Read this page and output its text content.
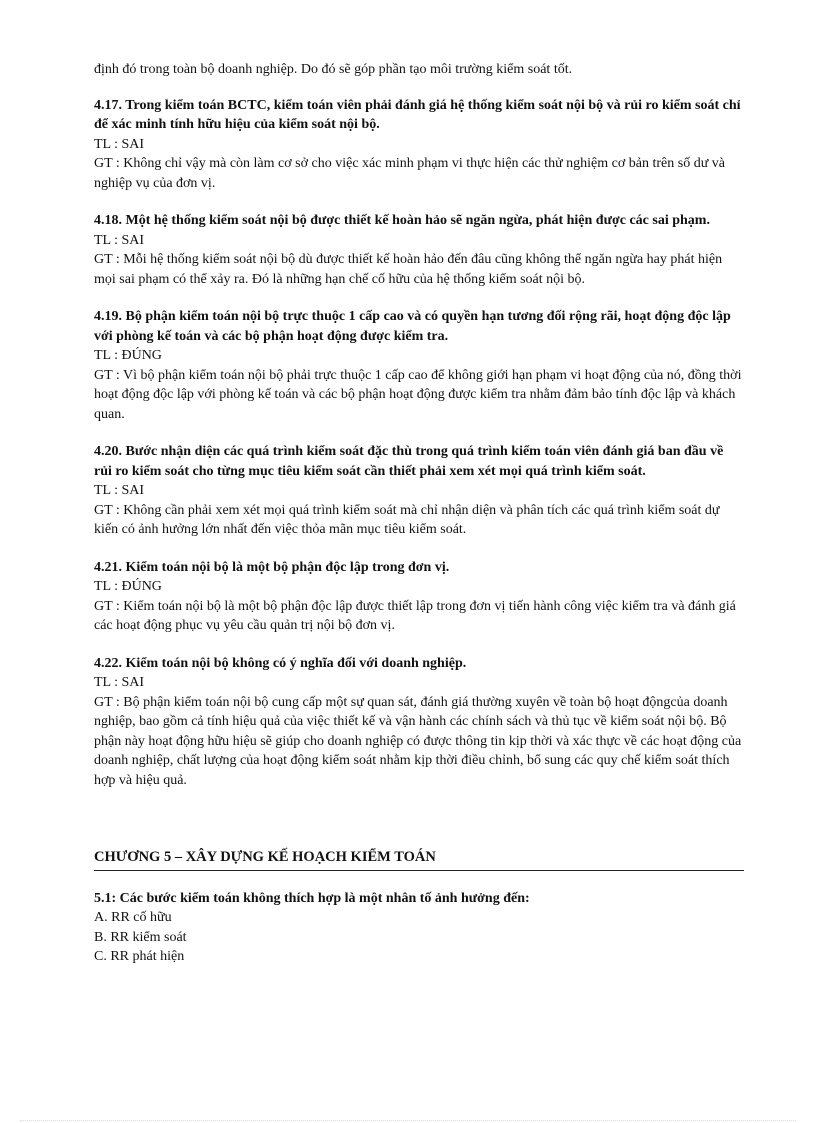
định đó trong toàn bộ doanh nghiệp. Do đó sẽ góp phần tạo môi trường kiểm soát tốt.

4.17. Trong kiểm toán BCTC, kiểm toán viên phải đánh giá hệ thống kiểm soát nội bộ và rủi ro kiểm soát chỉ để xác minh tính hữu hiệu của kiểm soát nội bộ.

TL : SAI

GT : Không chỉ vậy mà còn làm cơ sở cho việc xác minh phạm vi thực hiện các thử nghiệm cơ bản trên số dư và nghiệp vụ của đơn vị.

4.18. Một hệ thống kiểm soát nội bộ được thiết kế hoàn hảo sẽ ngăn ngừa, phát hiện được các sai phạm.

TL : SAI

GT : Mỗi hệ thống kiểm soát nội bộ dù được thiết kế hoàn hảo đến đâu cũng không thể ngăn ngừa hay phát hiện mọi sai phạm có thể xảy ra. Đó là những hạn chế cố hữu của hệ thống kiểm soát nội bộ.

4.19. Bộ phận kiểm toán nội bộ trực thuộc 1 cấp cao và có quyền hạn tương đối rộng rãi, hoạt động độc lập với phòng kế toán và các bộ phận hoạt động được kiểm tra.

TL : ĐÚNG

GT : Vì bộ phận kiểm toán nội bộ phải trực thuộc 1 cấp cao để không giới hạn phạm vi hoạt động của nó, đồng thời hoạt động độc lập với phòng kế toán và các bộ phận hoạt động được kiểm tra nhằm đảm bảo tính độc lập và khách quan.

4.20. Bước nhận diện các quá trình kiểm soát đặc thù trong quá trình kiểm toán viên đánh giá ban đầu về rủi ro kiểm soát cho từng mục tiêu kiểm soát cần thiết phải xem xét mọi quá trình kiểm soát.

TL : SAI

GT : Không cần phải xem xét mọi quá trình kiểm soát mà chỉ nhận diện và phân tích các quá trình kiểm soát dự kiến có ảnh hưởng lớn nhất đến việc thỏa mãn mục tiêu kiểm soát.

4.21. Kiểm toán nội bộ là một bộ phận độc lập trong đơn vị.

TL : ĐÚNG

GT : Kiểm toán nội bộ là một bộ phận độc lập được thiết lập trong đơn vị tiến hành công việc kiểm tra và đánh giá các hoạt động phục vụ yêu cầu quản trị nội bộ đơn vị.

4.22. Kiểm toán nội bộ không có ý nghĩa đối với doanh nghiệp.

TL : SAI

GT : Bộ phận kiểm toán nội bộ cung cấp một sự quan sát, đánh giá thường xuyên về toàn bộ hoạt độngcủa doanh nghiệp, bao gồm cả tính hiệu quả của việc thiết kế và vận hành các chính sách và thủ tục về kiểm soát nội bộ. Bộ phận này hoạt động hữu hiệu sẽ giúp cho doanh nghiệp có được thông tin kịp thời và xác thực về các hoạt động của doanh nghiệp, chất lượng của hoạt động kiểm soát nhằm kịp thời điều chỉnh, bổ sung các quy chế kiểm soát thích hợp và hiệu quả.

CHƯƠNG 5 – XÂY DỰNG KẾ HOẠCH KIỂM TOÁN

5.1: Các bước kiểm toán không thích hợp là một nhân tố ảnh hưởng đến:

A. RR cố hữu

B. RR kiểm soát

C. RR phát hiện
